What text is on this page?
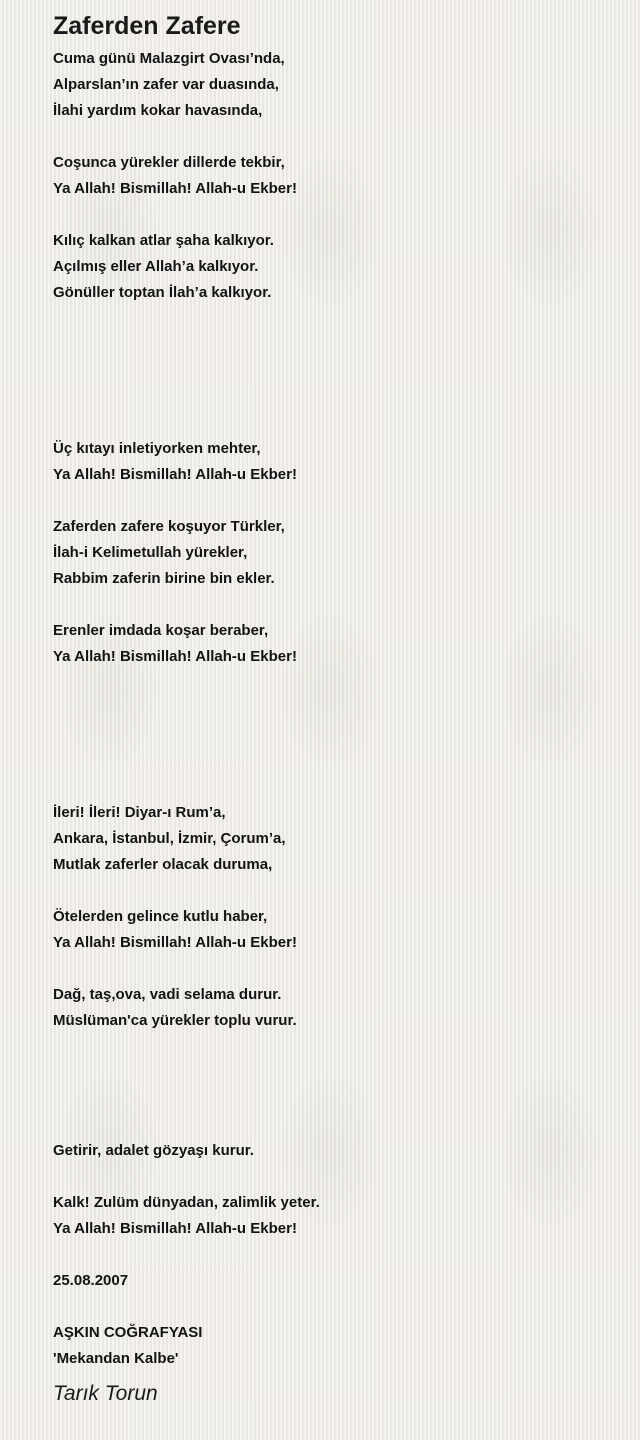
Zaferden Zafere
Cuma günü Malazgirt Ovası’nda,
Alparslan’ın zafer var duasında,
İlahi yardım kokar havasında,
Coşunca yürekler dillerde tekbir,
Ya Allah! Bismillah! Allah-u Ekber!
Kılıç kalkan atlar şaha kalkıyor.
Açılmış eller Allah’a kalkıyor.
Gönüller toptan İlah’a kalkıyor.
Üç kıtayı inletiyorken mehter,
Ya Allah! Bismillah! Allah-u Ekber!
Zaferden zafere koşuyor Türkler,
İlah-i Kelimetullah yürekler,
Rabbim zaferin birine bin ekler.
Erenler imdada koşar beraber,
Ya Allah! Bismillah! Allah-u Ekber!
İleri! İleri! Diyar-ı Rum’a,
Ankara, İstanbul, İzmir, Çorum’a,
Mutlak zaferler olacak duruma,
Ötelerden gelince kutlu haber,
Ya Allah! Bismillah! Allah-u Ekber!
Dağ, taş,ova, vadi selama durur.
Müslüman'ca yürekler toplu vurur.
Getirir, adalet gözyaşı kurur.
Kalk! Zulüm dünyadan, zalimlik yeter.
Ya Allah! Bismillah! Allah-u Ekber!
25.08.2007
AŞKIN COĞRAFYASI
'Mekandan Kalbe'
Tarık Torun
